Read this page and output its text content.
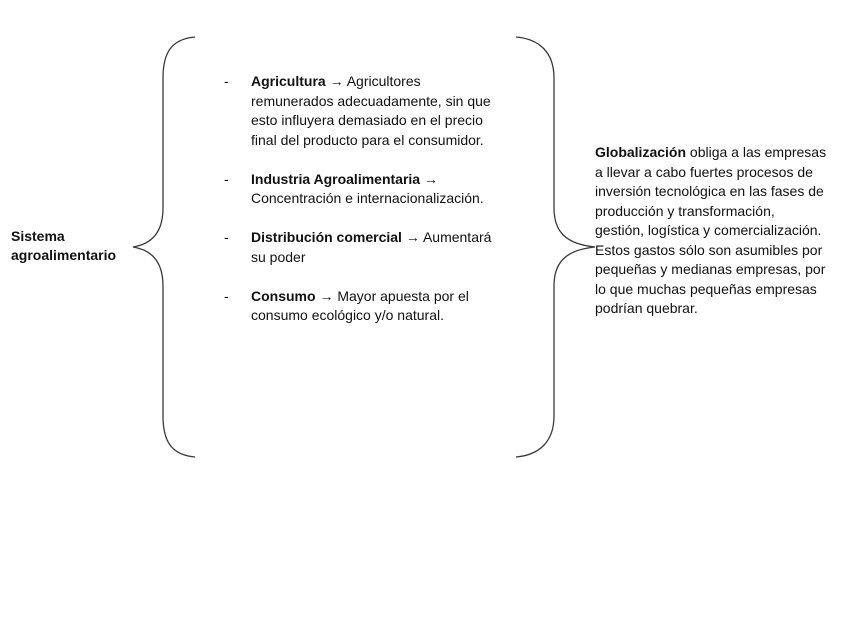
Sistema
agroalimentario
- Agricultura → Agricultores remunerados adecuadamente, sin que esto influyera demasiado en el precio final del producto para el consumidor.
- Industria Agroalimentaria → Concentración e internacionalización.
- Distribución comercial → Aumentará su poder
- Consumo → Mayor apuesta por el consumo ecológico y/o natural.
Globalización obliga a las empresas a llevar a cabo fuertes procesos de inversión tecnológica en las fases de producción y transformación, gestión, logística y comercialización. Estos gastos sólo son asumibles por pequeñas y medianas empresas, por lo que muchas pequeñas empresas podrían quebrar.
